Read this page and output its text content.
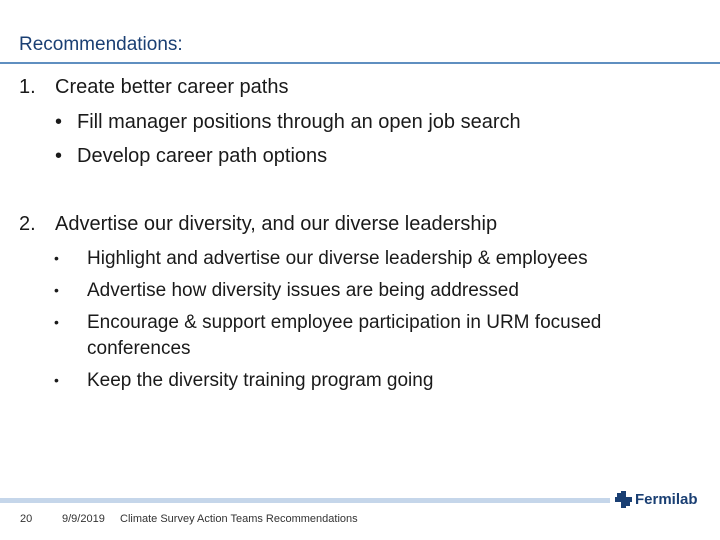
Recommendations:
1. Create better career paths
• Fill manager positions through an open job search
• Develop career path options
2. Advertise our diversity, and our diverse leadership
• Highlight and advertise our diverse leadership & employees
• Advertise how diversity issues are being addressed
• Encourage & support employee participation in URM focused
conferences
• Keep the diversity training program going
20	9/9/2019 Climate Survey Action Teams Recommendations
Fermilab
